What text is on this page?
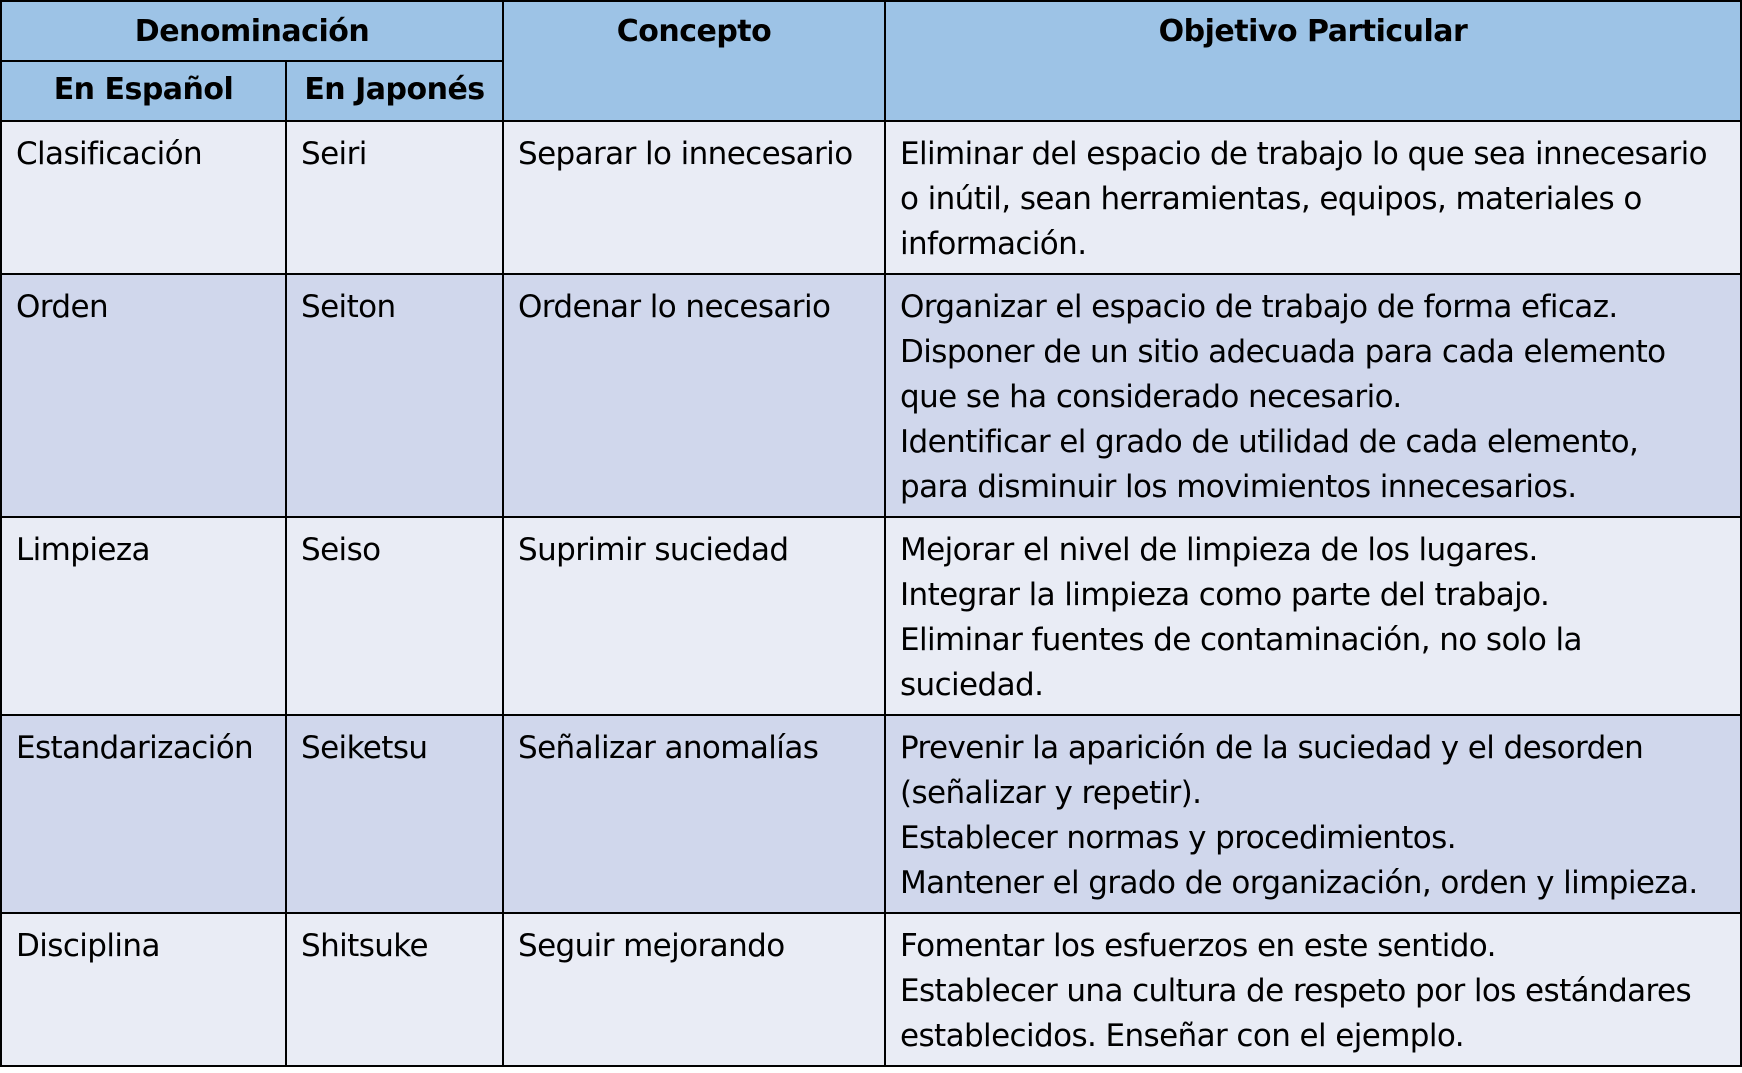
Denominación		Concepto	Objetivo Particular
En Español	En Japonés		
Clasificación	Seiri	Separar lo innecesario	Eliminar del espacio de trabajo lo que sea innecesario
o inútil, sean herramientas, equipos, materiales o
información.

Orden	Seiton	Ordenar lo necesario	Organizar el espacio de trabajo de forma eficaz.
Disponer de un sitio adecuada para cada elemento
que se ha considerado necesario.
Identificar el grado de utilidad de cada elemento,
para disminuir los movimientos innecesarios.

Limpieza	Seiso	Suprimir suciedad	Mejorar el nivel de limpieza de los lugares.
Integrar la limpieza como parte del trabajo.
Eliminar fuentes de contaminación, no solo la
suciedad.

Estandarización	Seiketsu	Señalizar anomalías	Prevenir la aparición de la suciedad y el desorden
(señalizar y repetir).
Establecer normas y procedimientos.
Mantener el grado de organización, orden y limpieza.

Disciplina	Shitsuke	Seguir mejorando	Fomentar los esfuerzos en este sentido.
Establecer una cultura de respeto por los estándares
establecidos. Enseñar con el ejemplo.
